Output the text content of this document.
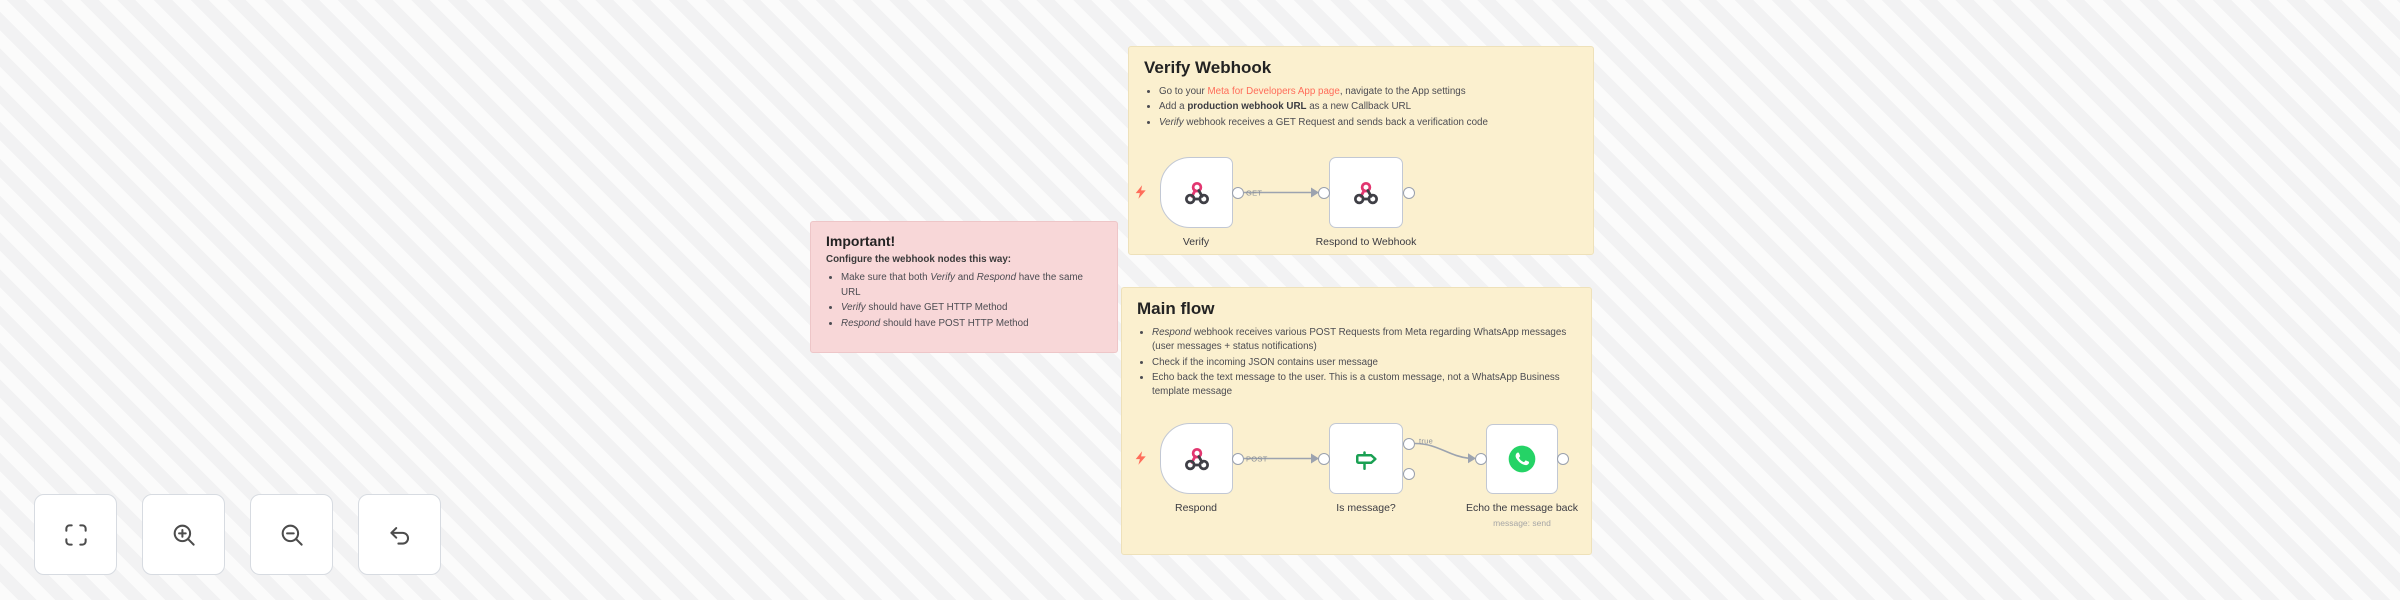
Important!

Configure the webhook nodes this way:

• Make sure that both Verify and Respond have the same URL
• Verify should have GET HTTP Method
• Respond should have POST HTTP Method
Verify Webhook
• Go to your Meta for Developers App page, navigate to the App settings
• Add a production webhook URL as a new Callback URL
• Verify webhook receives a GET Request and sends back a verification code
Main flow
• Respond webhook receives various POST Requests from Meta regarding WhatsApp messages (user messages + status notifications)
• Check if the incoming JSON contains user message
• Echo back the text message to the user. This is a custom message, not a WhatsApp Business template message
GET
Verify	Respond to Webhook
POST
Respond
true
Is message?	Echo the message back
message: send
